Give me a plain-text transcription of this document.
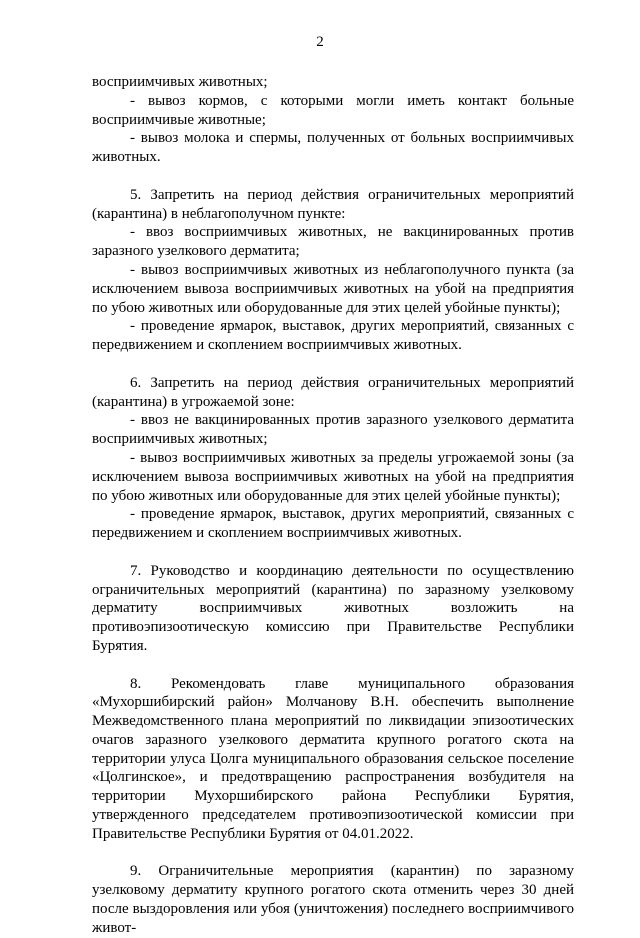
2

восприимчивых животных;

- вывоз кормов, с которыми могли иметь контакт больные восприимчивые животные;

- вывоз молока и спермы, полученных от больных восприимчивых животных.

5. Запретить на период действия ограничительных мероприятий (карантина) в неблагополучном пункте:

- ввоз восприимчивых животных, не вакцинированных против заразного узелкового дерматита;

- вывоз восприимчивых животных из неблагополучного пункта (за исключением вывоза восприимчивых животных на убой на предприятия по убою животных или оборудованные для этих целей убойные пункты);

- проведение ярмарок, выставок, других мероприятий, связанных с передвижением и скоплением восприимчивых животных.

6. Запретить на период действия ограничительных мероприятий (карантина) в угрожаемой зоне:

- ввоз не вакцинированных против заразного узелкового дерматита восприимчивых животных;

- вывоз восприимчивых животных за пределы угрожаемой зоны (за исключением вывоза восприимчивых животных на убой на предприятия по убою животных или оборудованные для этих целей убойные пункты);

- проведение ярмарок, выставок, других мероприятий, связанных с передвижением и скоплением восприимчивых животных.

7. Руководство и координацию деятельности по осуществлению ограничительных мероприятий (карантина) по заразному узелковому дерматиту восприимчивых животных возложить на противоэпизоотическую комиссию при Правительстве Республики Бурятия.

8. Рекомендовать главе муниципального образования «Мухоршибирский район» Молчанову В.Н. обеспечить выполнение Межведомственного плана мероприятий по ликвидации эпизоотических очагов заразного узелкового дерматита крупного рогатого скота на территории улуса Цолга муниципального образования сельское поселение «Цолгинское», и предотвращению распространения возбудителя на территории Мухоршибирского района Республики Бурятия, утвержденного председателем противоэпизоотической комиссии при Правительстве Республики Бурятия от 04.01.2022.

9. Ограничительные мероприятия (карантин) по заразному узелковому дерматиту крупного рогатого скота отменить через 30 дней после выздоровления или убоя (уничтожения) последнего восприимчивого живот-
